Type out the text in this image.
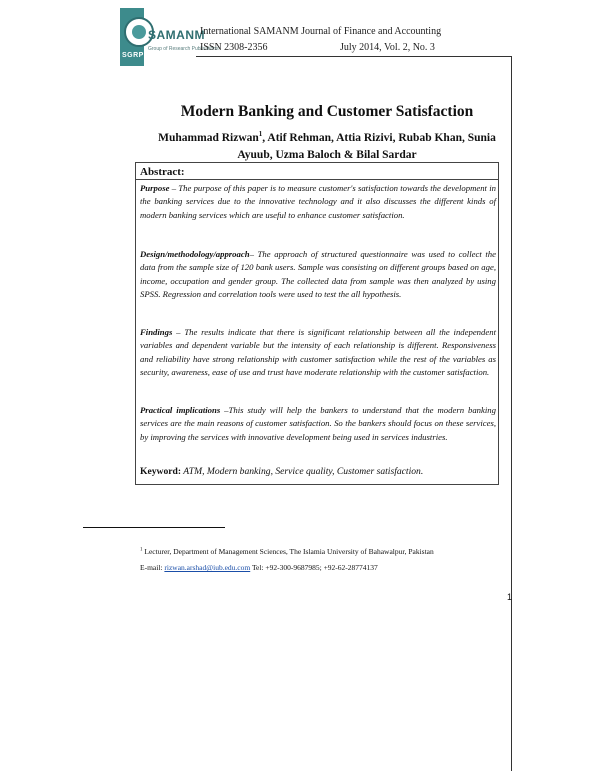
SAMANM
Group of Research Publications
SGRP
International SAMANM Journal of Finance and Accounting
ISSN 2308-2356	July 2014, Vol. 2, No. 3
Modern Banking and Customer Satisfaction
Muhammad Rizwan$^1$, Atif Rehman, Attia Rizivi, Rubab Khan, Sunia
Ayuub, Uzma Baloch & Bilal Sardar
Abstract:

Purpose – The purpose of this paper is to measure customer's satisfaction towards the development in the banking services due to the innovative technology and it also discusses the different kinds of modern banking services which are useful to enhance customer satisfaction.

Design/methodology/approach– The approach of structured questionnaire was used to collect the data from the sample size of 120 bank users. Sample was consisting on different groups based on age, income, occupation and gender group. The collected data from sample was then analyzed by using SPSS. Regression and correlation tools were used to test the all hypothesis.

Findings – The results indicate that there is significant relationship between all the independent variables and dependent variable but the intensity of each relationship is different. Responsiveness and reliability have strong relationship with customer satisfaction while the rest of the variables as security, awareness, ease of use and trust have moderate relationship with the customer satisfaction.

Practical implications –This study will help the bankers to understand that the modern banking services are the main reasons of customer satisfaction. So the bankers should focus on these services, by improving the services with innovative development being used in services industries.

Keyword: ATM, Modern banking, Service quality, Customer satisfaction.
$^1$ Lecturer, Department of Management Sciences, The Islamia University of Bahawalpur, Pakistan
E-mail: rizwan.arshad@iub.edu.com Tel: +92-300-9687985; +92-62-28774137
1
